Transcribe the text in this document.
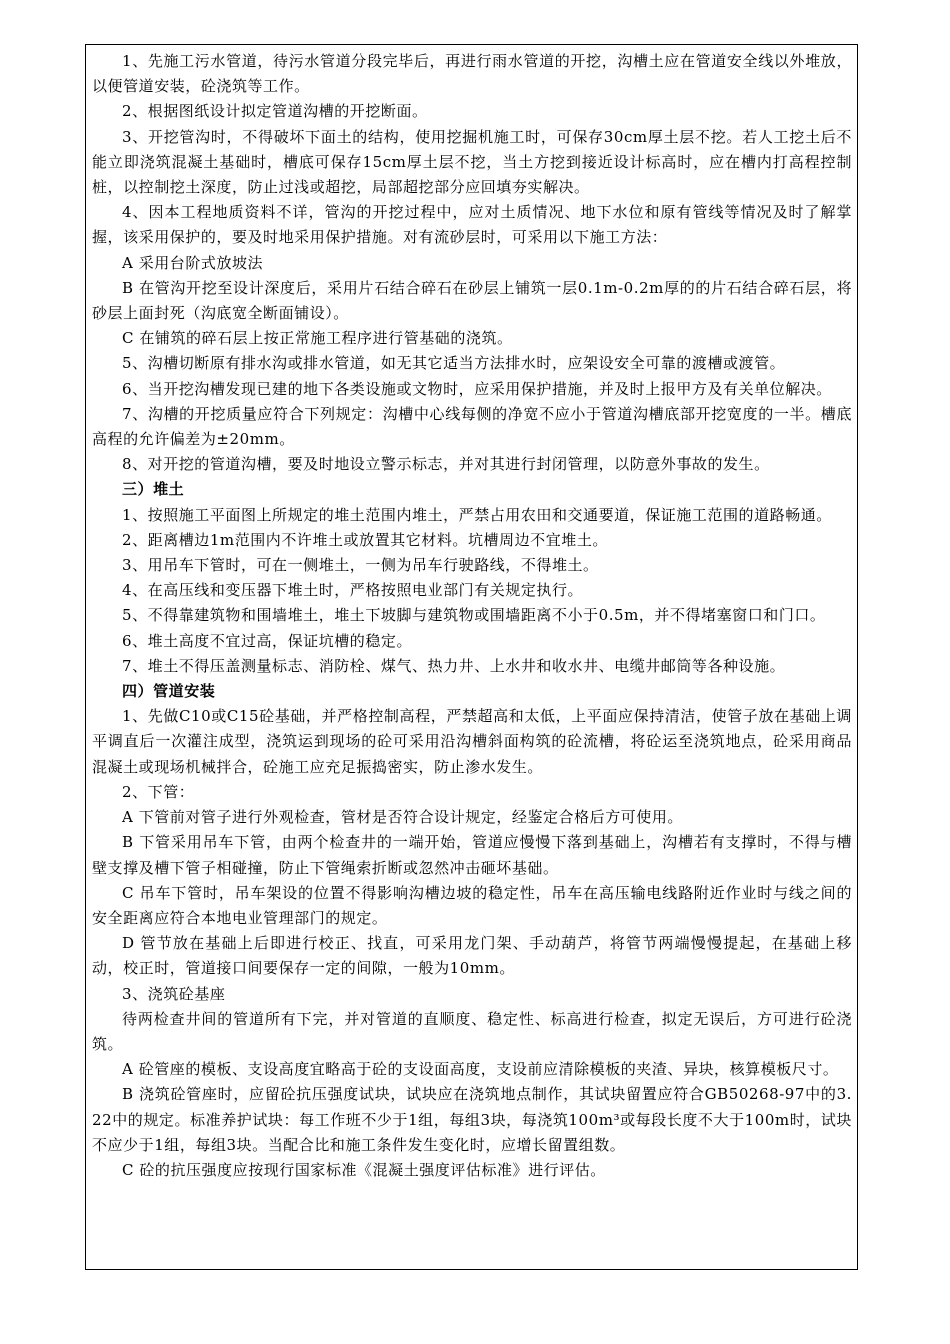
1、先施工污水管道，待污水管道分段完毕后，再进行雨水管道的开挖，沟槽土应在管道安全线以外堆放，以便管道安装，砼浇筑等工作。

2、根据图纸设计拟定管道沟槽的开挖断面。

3、开挖管沟时，不得破坏下面土的结构，使用挖掘机施工时，可保存30cm厚土层不挖。若人工挖土后不能立即浇筑混凝土基础时，槽底可保存15cm厚土层不挖，当土方挖到接近设计标高时，应在槽内打高程控制桩，以控制挖土深度，防止过浅或超挖，局部超挖部分应回填夯实解决。

4、因本工程地质资料不详，管沟的开挖过程中，应对土质情况、地下水位和原有管线等情况及时了解掌握，该采用保护的，要及时地采用保护措施。对有流砂层时，可采用以下施工方法：

A 采用台阶式放坡法

B 在管沟开挖至设计深度后，采用片石结合碎石在砂层上铺筑一层0.1m-0.2m厚的的片石结合碎石层，将砂层上面封死（沟底宽全断面铺设）。

C 在铺筑的碎石层上按正常施工程序进行管基础的浇筑。

5、沟槽切断原有排水沟或排水管道，如无其它适当方法排水时，应架设安全可靠的渡槽或渡管。

6、当开挖沟槽发现已建的地下各类设施或文物时，应采用保护措施，并及时上报甲方及有关单位解决。

7、沟槽的开挖质量应符合下列规定：沟槽中心线每侧的净宽不应小于管道沟槽底部开挖宽度的一半。槽底高程的允许偏差为±20mm。

8、对开挖的管道沟槽，要及时地设立警示标志，并对其进行封闭管理，以防意外事故的发生。

三）堆土

1、按照施工平面图上所规定的堆土范围内堆土，严禁占用农田和交通要道，保证施工范围的道路畅通。

2、距离槽边1m范围内不许堆土或放置其它材料。坑槽周边不宜堆土。

3、用吊车下管时，可在一侧堆土，一侧为吊车行驶路线，不得堆土。

4、在高压线和变压器下堆土时，严格按照电业部门有关规定执行。

5、不得靠建筑物和围墙堆土，堆土下坡脚与建筑物或围墙距离不小于0.5m，并不得堵塞窗口和门口。

6、堆土高度不宜过高，保证坑槽的稳定。

7、堆土不得压盖测量标志、消防栓、煤气、热力井、上水井和收水井、电缆井邮筒等各种设施。

四）管道安装

1、先做C10或C15砼基础，并严格控制高程，严禁超高和太低，上平面应保持清洁，使管子放在基础上调平调直后一次灌注成型，浇筑运到现场的砼可采用沿沟槽斜面构筑的砼流槽，将砼运至浇筑地点，砼采用商品混凝土或现场机械拌合，砼施工应充足振捣密实，防止渗水发生。

2、下管：

A 下管前对管子进行外观检查，管材是否符合设计规定，经鉴定合格后方可使用。

B 下管采用吊车下管，由两个检查井的一端开始，管道应慢慢下落到基础上，沟槽若有支撑时，不得与槽壁支撑及槽下管子相碰撞，防止下管绳索折断或忽然冲击砸坏基础。

C 吊车下管时，吊车架设的位置不得影响沟槽边坡的稳定性，吊车在高压输电线路附近作业时与线之间的安全距离应符合本地电业管理部门的规定。

D 管节放在基础上后即进行校正、找直，可采用龙门架、手动葫芦，将管节两端慢慢提起，在基础上移动，校正时，管道接口间要保存一定的间隙，一般为10mm。

3、浇筑砼基座

待两检查井间的管道所有下完，并对管道的直顺度、稳定性、标高进行检查，拟定无误后，方可进行砼浇筑。

A 砼管座的模板、支设高度宜略高于砼的支设面高度，支设前应清除模板的夹渣、异块，核算模板尺寸。

B 浇筑砼管座时，应留砼抗压强度试块，试块应在浇筑地点制作，其试块留置应符合GB50268-97中的3.22中的规定。标准养护试块：每工作班不少于1组，每组3块，每浇筑100m³或每段长度不大于100m时，试块不应少于1组，每组3块。当配合比和施工条件发生变化时，应增长留置组数。

C 砼的抗压强度应按现行国家标准《混凝土强度评估标准》进行评估。
